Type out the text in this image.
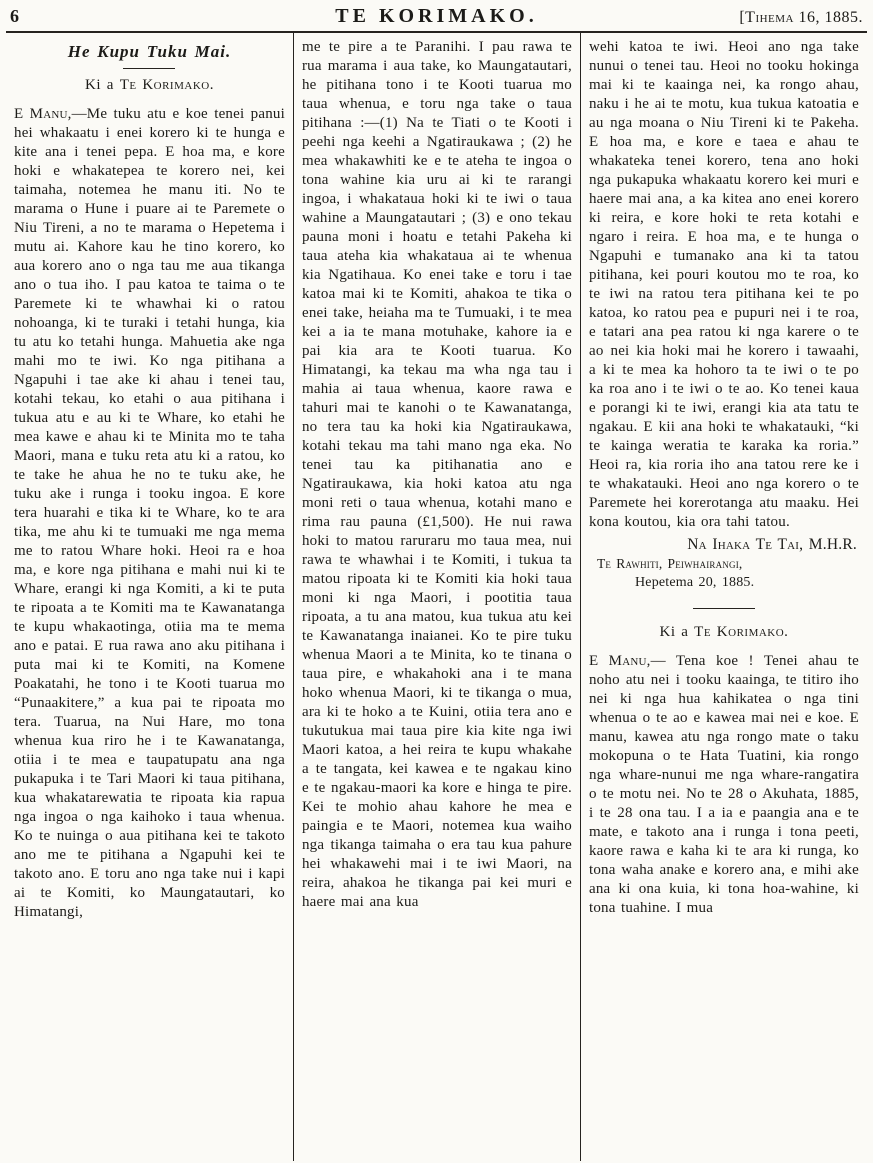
6	TE KORIMAKO.	[Tihema 16, 1885.
He Kupu Tuku Mai.
Ki a Te Korimako.

E Manu,—Me tuku atu e koe tenei panui hei whakaatu i enei korero ki te hunga e kite ana i tenei pepa. E hoa ma, e kore hoki e whakatepea te korero nei, kei taimaha, notemea he manu iti. No te marama o Hune i puare ai te Paremete o Niu Tireni, a no te marama o Hepetema i mutu ai. Kahore kau he tino korero, ko aua korero ano o nga tau me aua tikanga ano o tua iho. I pau katoa te taima o te Paremete ki te whawhai ki o ratou nohoanga, ki te turaki i tetahi hunga, kia tu atu ko tetahi hunga. Mahuetia ake nga mahi mo te iwi. Ko nga pitihana a Ngapuhi i tae ake ki ahau i tenei tau, kotahi tekau, ko etahi o aua pitihana i tukua atu e au ki te Whare, ko etahi he mea kawe e ahau ki te Minita mo te taha Maori, mana e tuku reta atu ki a ratou, ko te take he ahua he no te tuku ake, he tuku ake i runga i tooku ingoa. E kore tera huarahi e tika ki te Whare, ko te ara tika, me ahu ki te tumuaki me nga mema me to ratou Whare hoki. Heoi ra e hoa ma, e kore nga pitihana e mahi nui ki te Whare, erangi ki nga Komiti, a ki te puta te ripoata a te Komiti ma te Kawanatanga te kupu whakaotinga, otiia ma te mema ano e patai. E rua rawa ano aku pitihana i puta mai ki te Komiti, na Komene Poakatahi, he tono i te Kooti tuarua mo “Punaakitere,” a kua pai te ripoata mo tera. Tuarua, na Nui Hare, mo tona whenua kua riro he i te Kawanatanga, otiia i te mea e taupatupatu ana nga pukapuka i te Tari Maori ki taua pitihana, kua whakatarewatia te ripoata kia rapua nga ingoa o nga kaihoko i taua whenua. Ko te nuinga o aua pitihana kei te takoto ano me te pitihana a Ngapuhi kei te takoto ano. E toru ano nga take nui i kapi ai te Komiti, ko Maungatautari, ko Himatangi,

me te pire a te Paranihi. I pau rawa te rua marama i aua take, ko Maungatautari, he pitihana tono i te Kooti tuarua mo taua whenua, e toru nga take o taua pitihana :—(1) Na te Tiati o te Kooti i peehi nga keehi a Ngatiraukawa ; (2) he mea whakawhiti ke e te ateha te ingoa o tona wahine kia uru ai ki te rarangi ingoa, i whakataua hoki ki te iwi o taua wahine a Maungatautari ; (3) e ono tekau pauna moni i hoatu e tetahi Pakeha ki taua ateha kia whakataua ai te whenua kia Ngatihaua. Ko enei take e toru i tae katoa mai ki te Komiti, ahakoa te tika o enei take, heiaha ma te Tumuaki, i te mea kei a ia te mana motuhake, kahore ia e pai kia ara te Kooti tuarua. Ko Himatangi, ka tekau ma wha nga tau i mahia ai taua whenua, kaore rawa e tahuri mai te kanohi o te Kawanatanga, no tera tau ka hoki kia Ngatiraukawa, kotahi tekau ma tahi mano nga eka. No tenei tau ka pitihanatia ano e Ngatiraukawa, kia hoki katoa atu nga moni reti o taua whenua, kotahi mano e rima rau pauna (£1,500). He nui rawa hoki to matou raruraru mo taua mea, nui rawa te whawhai i te Komiti, i tukua ta matou ripoata ki te Komiti kia hoki taua moni ki nga Maori, i pootitia taua ripoata, a tu ana matou, kua tukua atu kei te Kawanatanga inaianei. Ko te pire tuku whenua Maori a te Minita, ko te tinana o taua pire, e whakahoki ana i te mana hoko whenua Maori, ki te tikanga o mua, ara ki te hoko a te Kuini, otiia tera ano e tukutukua mai taua pire kia kite nga iwi Maori katoa, a hei reira te kupu whakahe a te tangata, kei kawea e te ngakau kino e te ngakau-maori ka kore e hinga te pire. Kei te mohio ahau kahore he mea e paingia e te Maori, notemea kua waiho nga tikanga taimaha o era tau kua pahure hei whakawehi mai i te iwi Maori, na reira, ahakoa he tikanga pai kei muri e haere mai ana kua

wehi katoa te iwi. Heoi ano nga take nunui o tenei tau. Heoi no tooku hokinga mai ki te kaainga nei, ka rongo ahau, naku i he ai te motu, kua tukua katoatia e au nga moana o Niu Tireni ki te Pakeha. E hoa ma, e kore e taea e ahau te whakateka tenei korero, tena ano hoki nga pukapuka whakaatu korero kei muri e haere mai ana, a ka kitea ano enei korero ki reira, e kore hoki te reta kotahi e ngaro i reira. E hoa ma, e te hunga o Ngapuhi e tumanako ana ki ta tatou pitihana, kei pouri koutou mo te roa, ko te iwi na ratou tera pitihana kei te po katoa, ko ratou pea e pupuri nei i te roa, e tatari ana pea ratou ki nga karere o te ao nei kia hoki mai he korero i tawaahi, a ki te mea ka hohoro ta te iwi o te po ka roa ano i te iwi o te ao. Ko tenei kaua e porangi ki te iwi, erangi kia ata tatu te ngakau. E kii ana hoki te whakatauki, “ki te kainga weratia te karaka ka roria.” Heoi ra, kia roria iho ana tatou rere ke i te whakatauki. Heoi ano nga korero o te Paremete hei korerotanga atu maaku. Hei kona koutou, kia ora tahi tatou.

Na Ihaka Te Tai, M.H.R.
Te Rawhiti, Peiwhairangi,
Hepetema 20, 1885.
Ki a Te Korimako.

E Manu,— Tena koe ! Tenei ahau te noho atu nei i tooku kaainga, te titiro iho nei ki nga hua kahikatea o nga tini whenua o te ao e kawea mai nei e koe. E manu, kawea atu nga rongo mate o taku mokopuna o te Hata Tuatini, kia rongo nga whare-nunui me nga whare-rangatira o te motu nei. No te 28 o Akuhata, 1885, i te 28 ona tau. I a ia e paangia ana e te mate, e takoto ana i runga i tona peeti, kaore rawa e kaha ki te ara ki runga, ko tona waha anake e korero ana, e mihi ake ana ki ona kuia, ki tona hoa-wahine, ki tona tuahine. I mua
